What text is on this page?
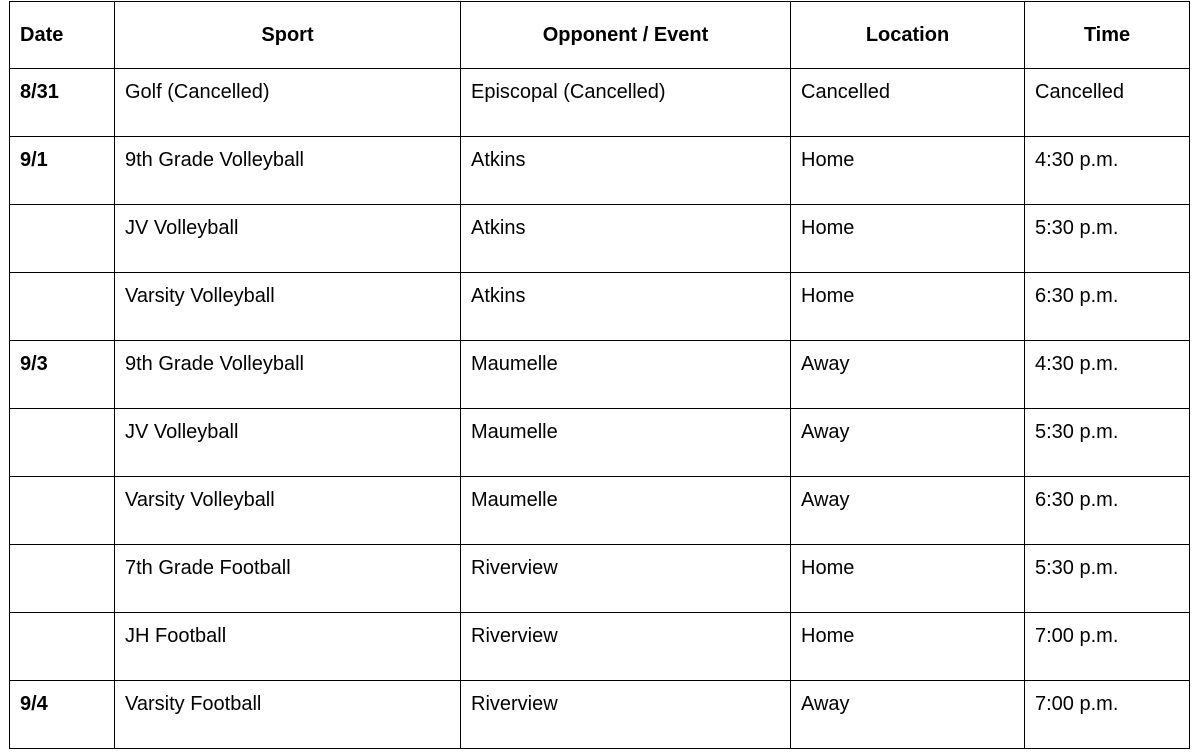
Date	Sport	Opponent / Event	Location	Time
8/31	Golf (Cancelled)	Episcopal (Cancelled)	Cancelled	Cancelled
9/1	9th Grade Volleyball	Atkins	Home	4:30 p.m.
	JV Volleyball	Atkins	Home	5:30 p.m.
	Varsity Volleyball	Atkins	Home	6:30 p.m.
9/3	9th Grade Volleyball	Maumelle	Away	4:30 p.m.
	JV Volleyball	Maumelle	Away	5:30 p.m.
	Varsity Volleyball	Maumelle	Away	6:30 p.m.
	7th Grade Football	Riverview	Home	5:30 p.m.
	JH Football	Riverview	Home	7:00 p.m.
9/4	Varsity Football	Riverview	Away	7:00 p.m.
